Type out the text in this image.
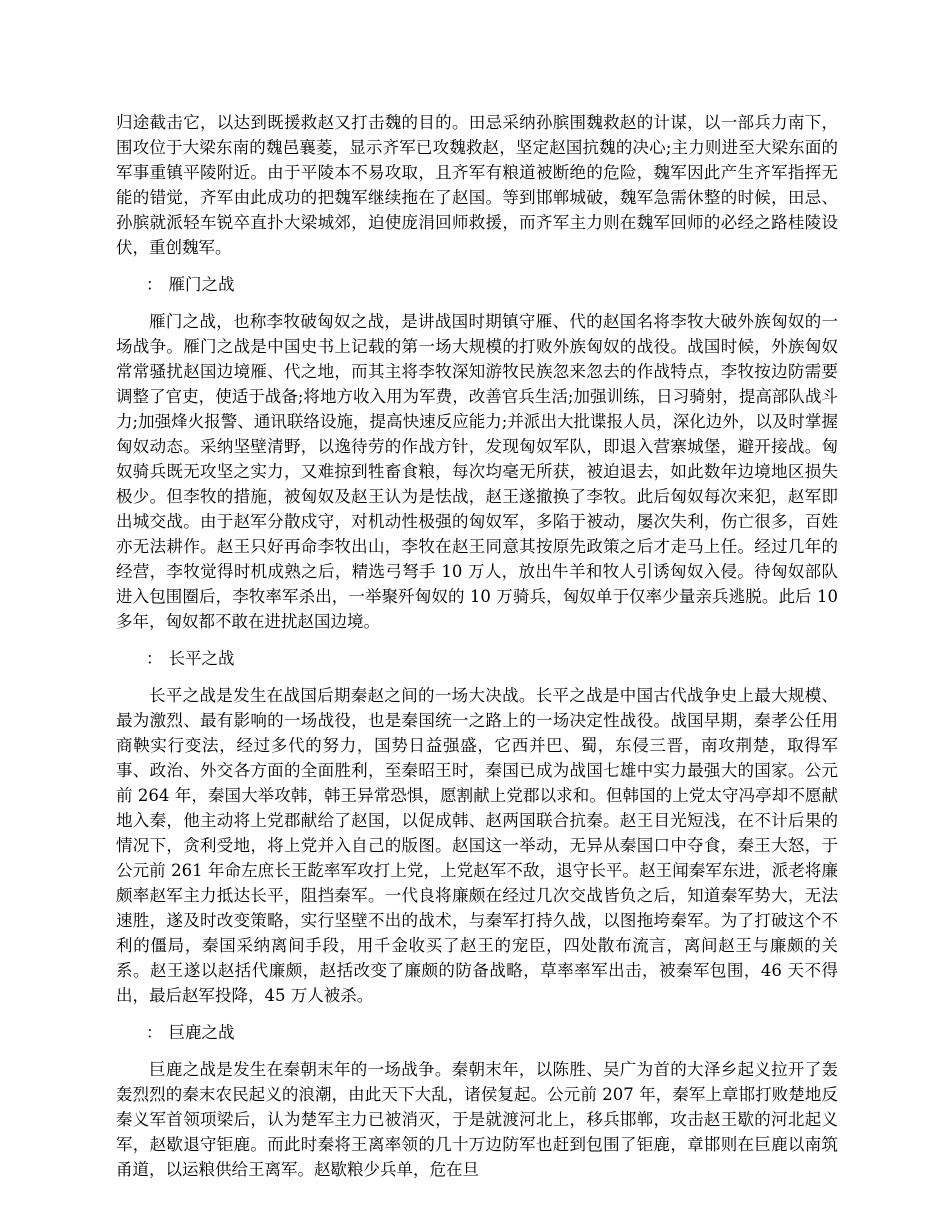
归途截击它，以达到既援救赵又打击魏的目的。田忌采纳孙膑围魏救赵的计谋，以一部兵力南下，围攻位于大梁东南的魏邑襄菱，显示齐军已攻魏救赵，坚定赵国抗魏的决心;主力则进至大梁东面的军事重镇平陵附近。由于平陵本不易攻取，且齐军有粮道被断绝的危险，魏军因此产生齐军指挥无能的错觉，齐军由此成功的把魏军继续拖在了赵国。等到邯郸城破，魏军急需休整的时候，田忌、孙膑就派轻车锐卒直扑大梁城郊，迫使庞涓回师救援，而齐军主力则在魏军回师的必经之路桂陵设伏，重创魏军。

： 雁门之战

雁门之战，也称李牧破匈奴之战，是讲战国时期镇守雁、代的赵国名将李牧大破外族匈奴的一场战争。雁门之战是中国史书上记载的第一场大规模的打败外族匈奴的战役。战国时候，外族匈奴常常骚扰赵国边境雁、代之地，而其主将李牧深知游牧民族忽来忽去的作战特点，李牧按边防需要调整了官吏，使适于战备;将地方收入用为军费，改善官兵生活;加强训练，日习骑射，提高部队战斗力;加强烽火报警、通讯联络设施，提高快速反应能力;并派出大批谍报人员，深化边外，以及时掌握匈奴动态。采纳坚壁清野，以逸待劳的作战方针，发现匈奴军队，即退入营寨城堡，避开接战。匈奴骑兵既无攻坚之实力，又难掠到牲畜食粮，每次均毫无所获，被迫退去，如此数年边境地区损失极少。但李牧的措施，被匈奴及赵王认为是怯战，赵王遂撤换了李牧。此后匈奴每次来犯，赵军即出城交战。由于赵军分散戍守，对机动性极强的匈奴军，多陷于被动，屡次失利，伤亡很多，百姓亦无法耕作。赵王只好再命李牧出山，李牧在赵王同意其按原先政策之后才走马上任。经过几年的经营，李牧觉得时机成熟之后，精选弓弩手 10 万人，放出牛羊和牧人引诱匈奴入侵。待匈奴部队进入包围圈后，李牧率军杀出，一举聚歼匈奴的 10 万骑兵，匈奴单于仅率少量亲兵逃脱。此后 10 多年，匈奴都不敢在进扰赵国边境。

： 长平之战

长平之战是发生在战国后期秦赵之间的一场大决战。长平之战是中国古代战争史上最大规模、最为激烈、最有影响的一场战役，也是秦国统一之路上的一场决定性战役。战国早期，秦孝公任用商鞅实行变法，经过多代的努力，国势日益强盛，它西并巴、蜀，东侵三晋，南攻荆楚，取得军事、政治、外交各方面的全面胜利，至秦昭王时，秦国已成为战国七雄中实力最强大的国家。公元前 264 年，秦国大举攻韩，韩王异常恐惧，愿割献上党郡以求和。但韩国的上党太守冯亭却不愿献地入秦，他主动将上党郡献给了赵国，以促成韩、赵两国联合抗秦。赵王目光短浅，在不计后果的情况下，贪利受地，将上党并入自己的版图。赵国这一举动，无异从秦国口中夺食，秦王大怒，于公元前 261 年命左庶长王龁率军攻打上党，上党赵军不敌，退守长平。赵王闻秦军东进，派老将廉颇率赵军主力抵达长平，阻挡秦军。一代良将廉颇在经过几次交战皆负之后，知道秦军势大，无法速胜，遂及时改变策略，实行坚壁不出的战术，与秦军打持久战，以图拖垮秦军。为了打破这个不利的僵局，秦国采纳离间手段，用千金收买了赵王的宠臣，四处散布流言，离间赵王与廉颇的关系。赵王遂以赵括代廉颇，赵括改变了廉颇的防备战略，草率率军出击，被秦军包围，46 天不得出，最后赵军投降，45 万人被杀。

： 巨鹿之战

巨鹿之战是发生在秦朝末年的一场战争。秦朝末年，以陈胜、吴广为首的大泽乡起义拉开了轰轰烈烈的秦末农民起义的浪潮，由此天下大乱，诸侯复起。公元前 207 年，秦军上章邯打败楚地反秦义军首领项梁后，认为楚军主力已被消灭，于是就渡河北上，移兵邯郸，攻击赵王歇的河北起义军，赵歇退守钜鹿。而此时秦将王离率领的几十万边防军也赶到包围了钜鹿，章邯则在巨鹿以南筑甬道，以运粮供给王离军。赵歇粮少兵单，危在旦
